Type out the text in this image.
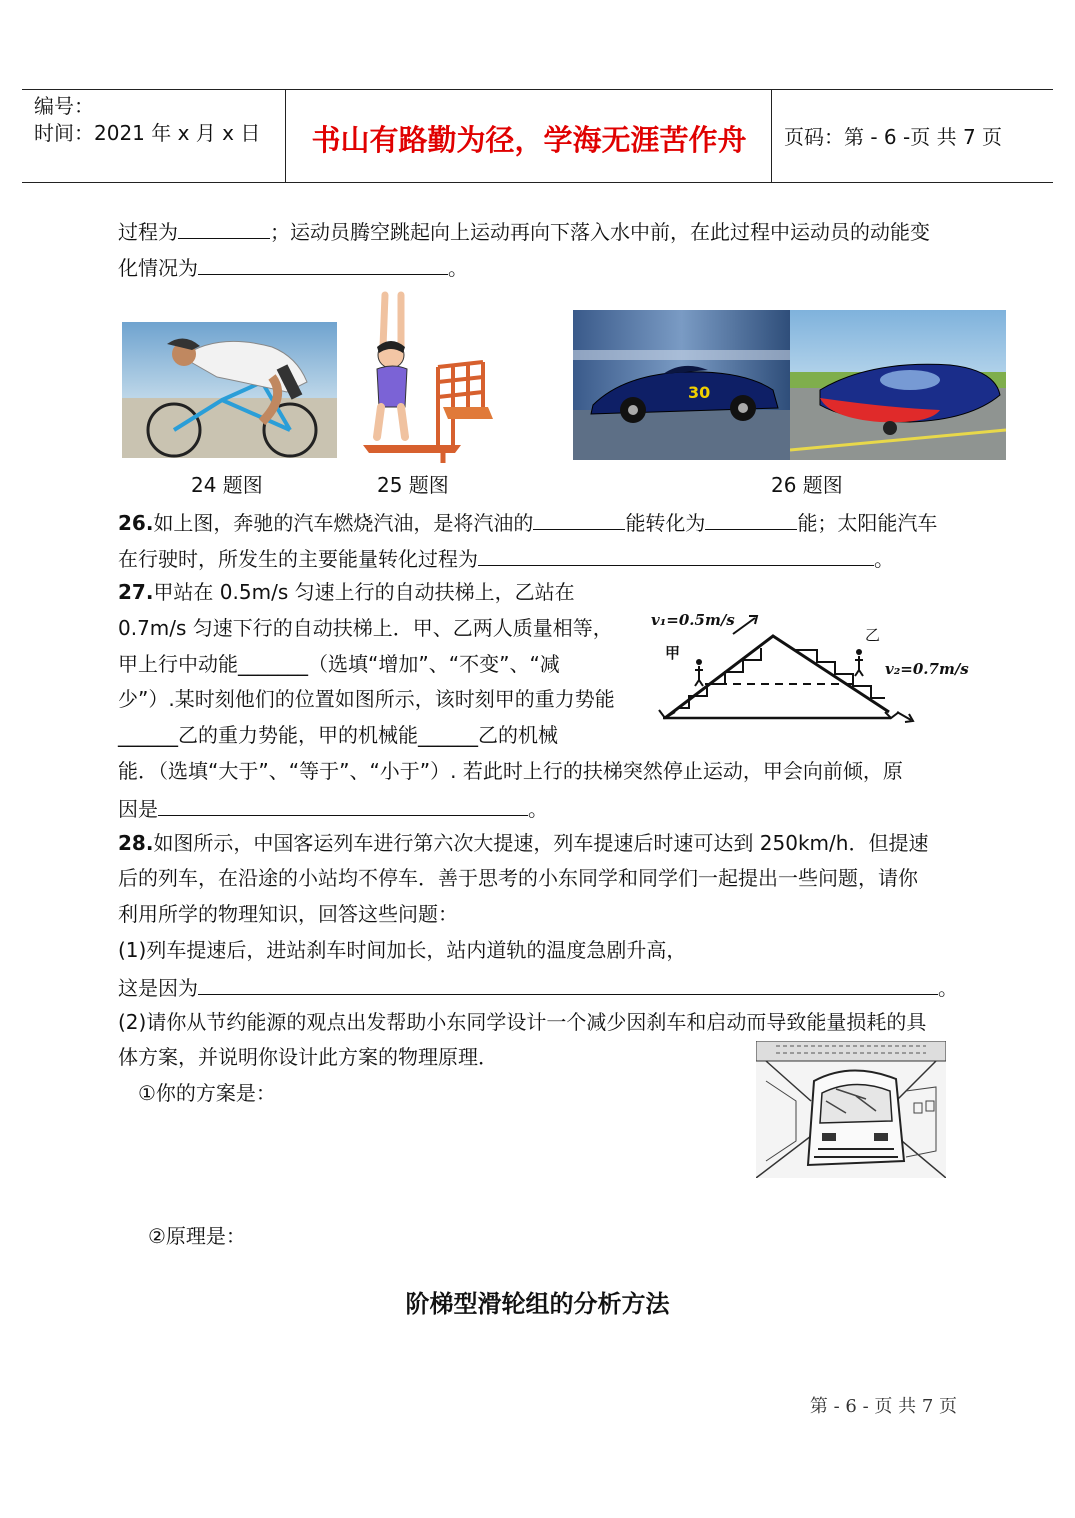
编号：
时间：2021 年 x 月 x 日	书山有路勤为径，学海无涯苦作舟	页码：第 - 6 -页 共 7 页
过程为	；运动员腾空跳起向上运动再向下落入水中前，在此过程中运动员的动能变
化情况为	。
30
24 题图	25 题图	26 题图
26.如上图，奔驰的汽车燃烧汽油，是将汽油的	能转化为	能；太阳能汽车
在行驶时，所发生的主要能量转化过程为	。
27.甲站在 0.5m/s 匀速上行的自动扶梯上，乙站在
0.7m/s 匀速下行的自动扶梯上．甲、乙两人质量相等，
甲上行中动能_______（选填“增加”、“不变”、“减
少”）.某时刻他们的位置如图所示，该时刻甲的重力势能
______乙的重力势能，甲的机械能______乙的机械
能．（选填“大于”、“等于”、“小于”）. 若此时上行的扶梯突然停止运动，甲会向前倾，原
因是	。
v₁=0.5m/s
v₂=0.7m/s
甲
乙
28.如图所示，中国客运列车进行第六次大提速，列车提速后时速可达到 250km/h．但提速
后的列车，在沿途的小站均不停车．善于思考的小东同学和同学们一起提出一些问题，请你
利用所学的物理知识，回答这些问题：
(1)列车提速后，进站刹车时间加长，站内道轨的温度急剧升高，
这是因为	。
(2)请你从节约能源的观点出发帮助小东同学设计一个减少因刹车和启动而导致能量损耗的具
体方案，并说明你设计此方案的物理原理．
①你的方案是：
②原理是：
阶梯型滑轮组的分析方法
第 - 6 - 页 共 7 页
